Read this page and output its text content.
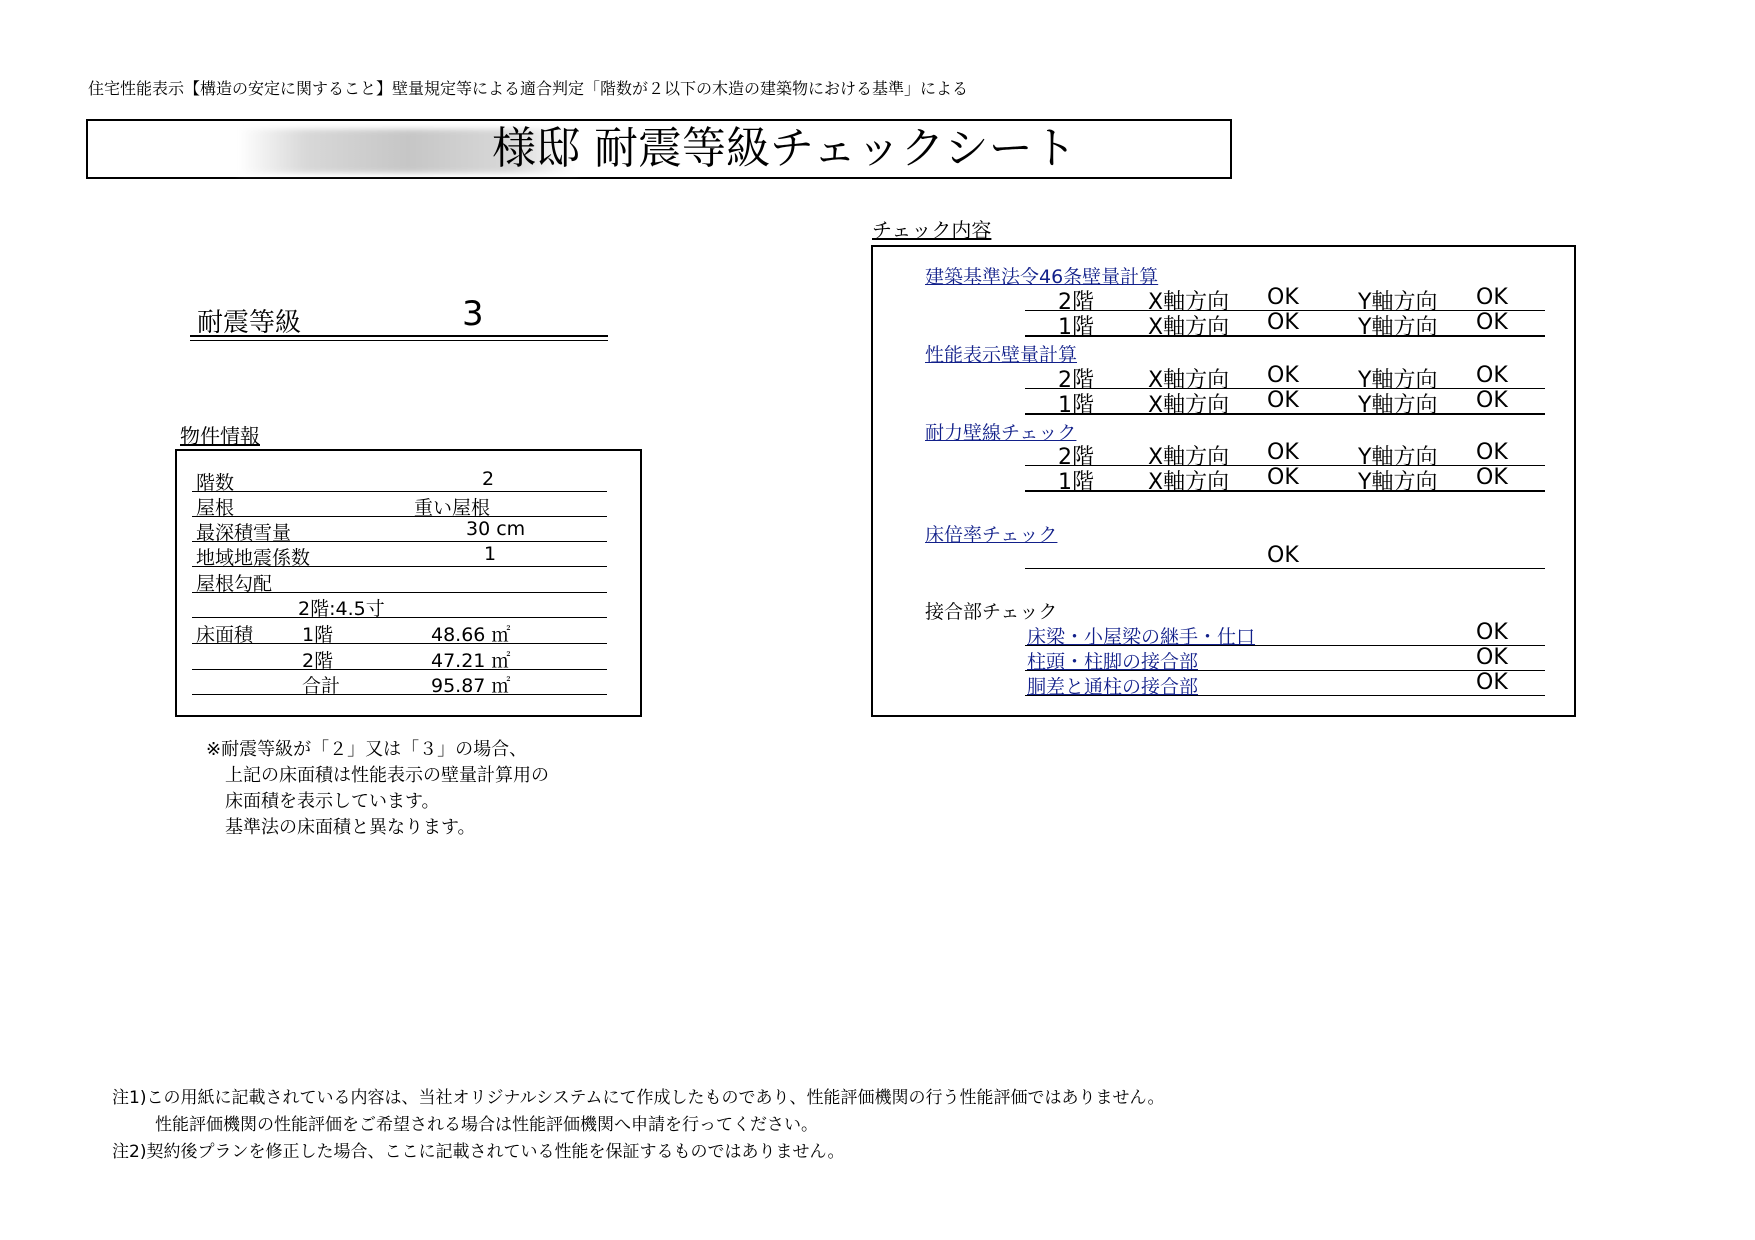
住宅性能表示【構造の安定に関すること】壁量規定等による適合判定「階数が２以下の木造の建築物における基準」による
様邸 耐震等級チェックシート
耐震等級	3
物件情報
階数	2
屋根	重い屋根
最深積雪量	30 cm
地域地震係数	1
屋根勾配
2階:4.5寸
床面積	1階	48.66 ㎡
2階	47.21 ㎡
合計	95.87 ㎡
※耐震等級が「２」又は「３」の場合、
上記の床面積は性能表示の壁量計算用の
床面積を表示しています。
基準法の床面積と異なります。
チェック内容
建築基準法令46条壁量計算
2階 X軸方向 OK	Y軸方向 OK
1階 X軸方向 OK	Y軸方向 OK
性能表示壁量計算
2階 X軸方向 OK	Y軸方向 OK
1階 X軸方向 OK	Y軸方向 OK
耐力壁線チェック
2階 X軸方向 OK	Y軸方向 OK
1階 X軸方向 OK	Y軸方向 OK
床倍率チェック
OK
接合部チェック
床梁・小屋梁の継手・仕口	OK
柱頭・柱脚の接合部	OK
胴差と通柱の接合部	OK
注1)この用紙に記載されている内容は、当社オリジナルシステムにて作成したものであり、性能評価機関の行う性能評価ではありません。
性能評価機関の性能評価をご希望される場合は性能評価機関へ申請を行ってください。
注2)契約後プランを修正した場合、ここに記載されている性能を保証するものではありません。
